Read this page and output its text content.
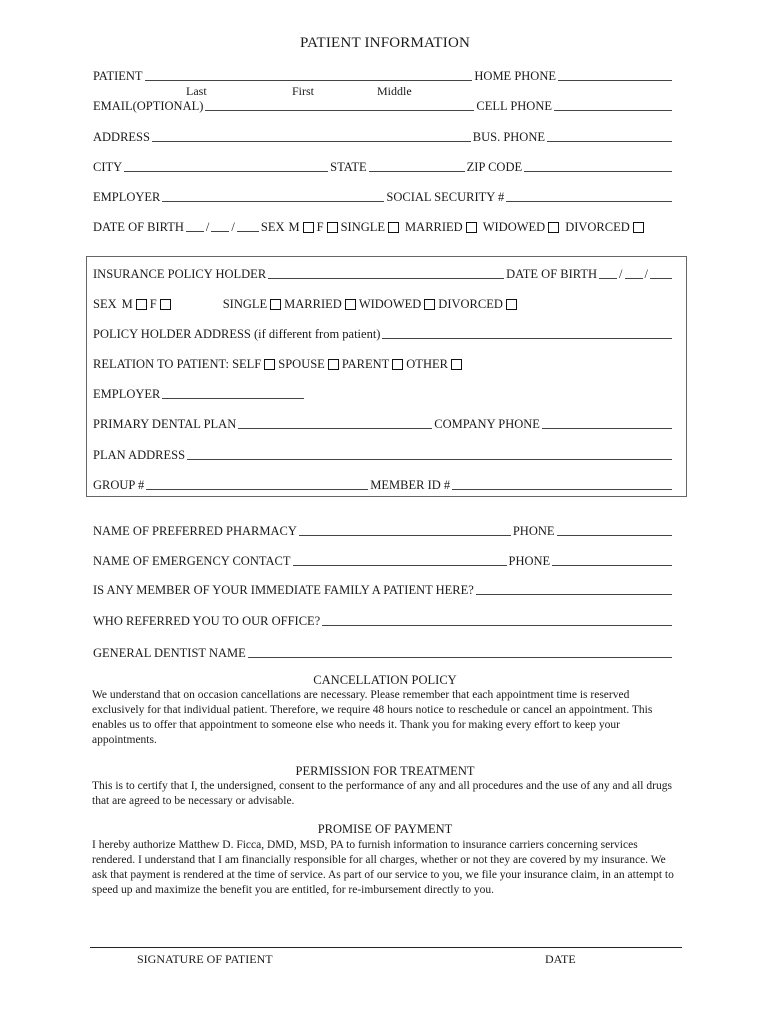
PATIENT INFORMATION
PATIENT	HOME PHONE
Last	First	Middle
EMAIL(OPTIONAL)	CELL PHONE
ADDRESS	BUS. PHONE
CITY	STATE	ZIP CODE
EMPLOYER	SOCIAL SECURITY #
DATE OF BIRTH / / SEX M F SINGLE MARRIED WIDOWED DIVORCED
INSURANCE POLICY HOLDER	DATE OF BIRTH / /
SEX M F	SINGLE MARRIED WIDOWED DIVORCED
POLICY HOLDER ADDRESS (if different from patient)
RELATION TO PATIENT: SELF SPOUSE PARENT OTHER
EMPLOYER
PRIMARY DENTAL PLAN	COMPANY PHONE
PLAN ADDRESS
GROUP #	MEMBER ID #
NAME OF PREFERRED PHARMACY	PHONE
NAME OF EMERGENCY CONTACT	PHONE
IS ANY MEMBER OF YOUR IMMEDIATE FAMILY A PATIENT HERE?
WHO REFERRED YOU TO OUR OFFICE?
GENERAL DENTIST NAME
CANCELLATION POLICY
We understand that on occasion cancellations are necessary. Please remember that each appointment time is reserved exclusively for that individual patient. Therefore, we require 48 hours notice to reschedule or cancel an appointment. This enables us to offer that appointment to someone else who needs it. Thank you for making every effort to keep your appointments.
PERMISSION FOR TREATMENT
This is to certify that I, the undersigned, consent to the performance of any and all procedures and the use of any and all drugs that are agreed to be necessary or advisable.
PROMISE OF PAYMENT
I hereby authorize Matthew D. Ficca, DMD, MSD, PA to furnish information to insurance carriers concerning services rendered. I understand that I am financially responsible for all charges, whether or not they are covered by my insurance. We ask that payment is rendered at the time of service. As part of our service to you, we file your insurance claim, in an attempt to speed up and maximize the benefit you are entitled, for re-imbursement directly to you.
SIGNATURE OF PATIENT	DATE
